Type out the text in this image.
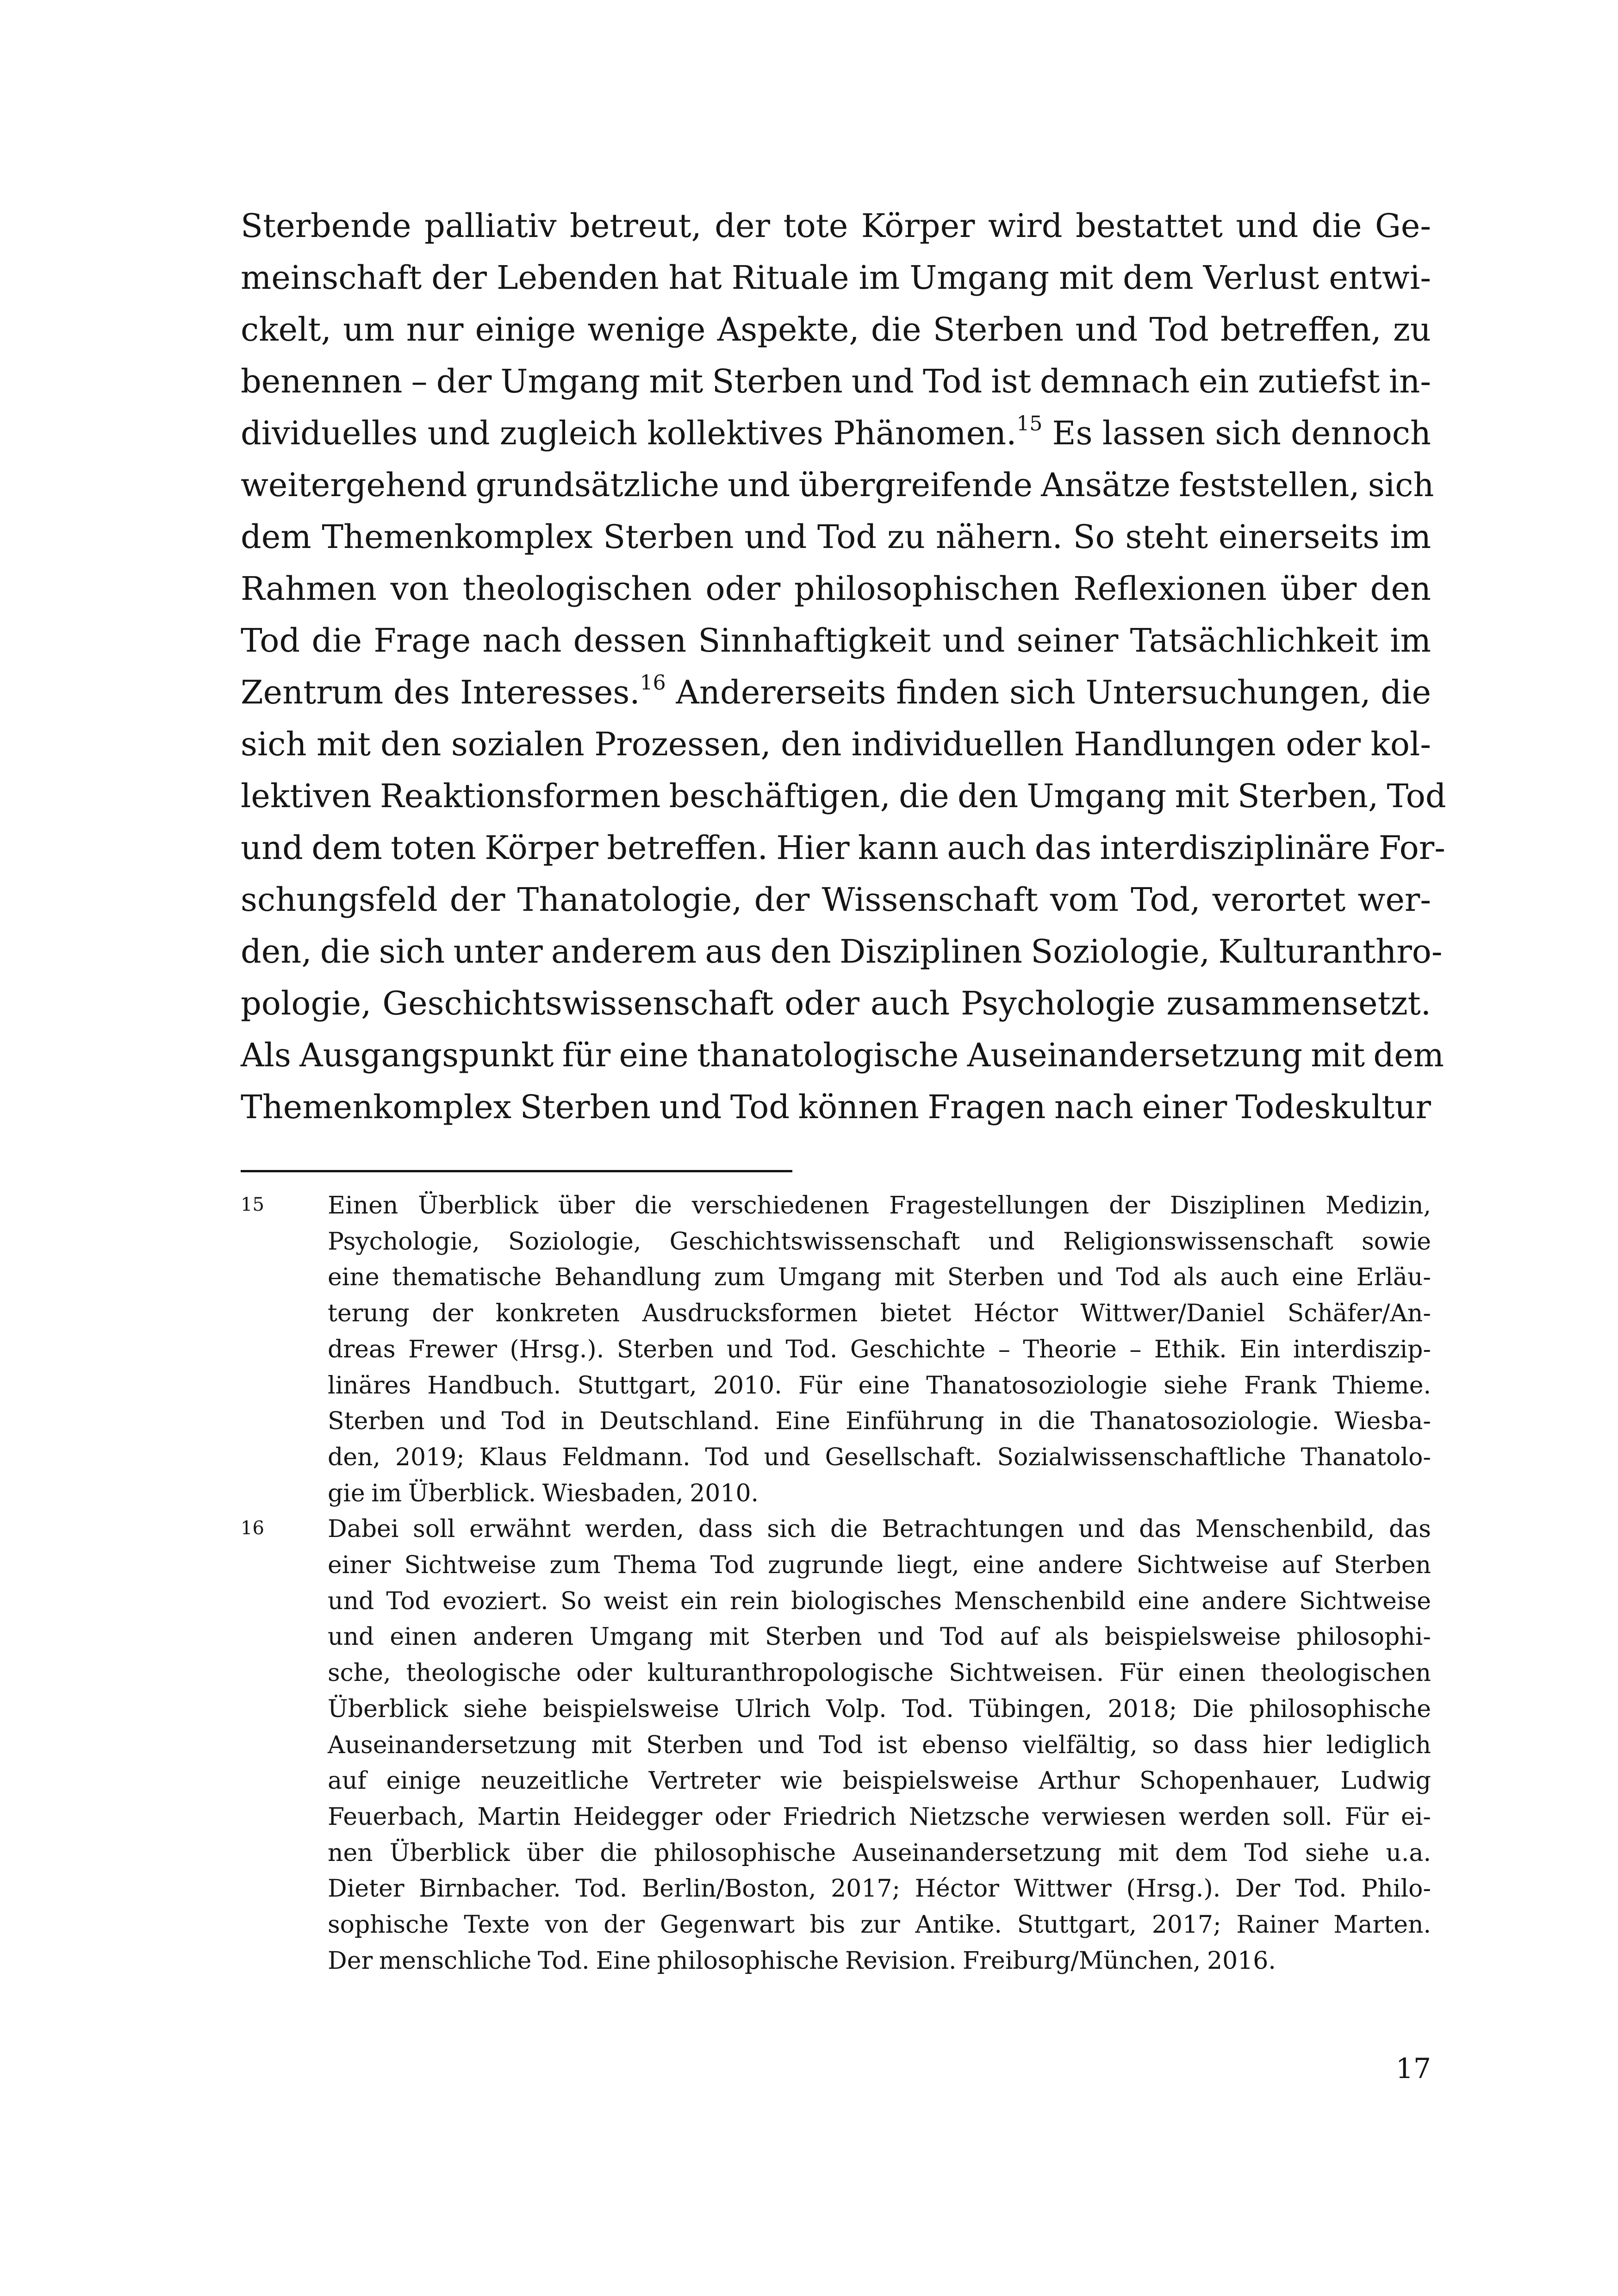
Sterbende palliativ betreut, der tote Körper wird bestattet und die Ge-
meinschaft der Lebenden hat Rituale im Umgang mit dem Verlust entwi-
ckelt, um nur einige wenige Aspekte, die Sterben und Tod betreffen, zu
benennen – der Umgang mit Sterben und Tod ist demnach ein zutiefst in-
dividuelles und zugleich kollektives Phänomen.$^{15}$ Es lassen sich dennoch
weitergehend grundsätzliche und übergreifende Ansätze feststellen, sich
dem Themenkomplex Sterben und Tod zu nähern. So steht einerseits im
Rahmen von theologischen oder philosophischen Reflexionen über den
Tod die Frage nach dessen Sinnhaftigkeit und seiner Tatsächlichkeit im
Zentrum des Interesses.$^{16}$ Andererseits finden sich Untersuchungen, die
sich mit den sozialen Prozessen, den individuellen Handlungen oder kol-
lektiven Reaktionsformen beschäftigen, die den Umgang mit Sterben, Tod
und dem toten Körper betreffen. Hier kann auch das interdisziplinäre For-
schungsfeld der Thanatologie, der Wissenschaft vom Tod, verortet wer-
den, die sich unter anderem aus den Disziplinen Soziologie, Kulturanthro-
pologie, Geschichtswissenschaft oder auch Psychologie zusammensetzt.
Als Ausgangspunkt für eine thanatologische Auseinandersetzung mit dem
Themenkomplex Sterben und Tod können Fragen nach einer Todeskultur
15	Einen Überblick über die verschiedenen Fragestellungen der Disziplinen Medizin,
Psychologie, Soziologie, Geschichtswissenschaft und Religionswissenschaft sowie
eine thematische Behandlung zum Umgang mit Sterben und Tod als auch eine Erläu-
terung der konkreten Ausdrucksformen bietet Héctor Wittwer/Daniel Schäfer/An-
dreas Frewer (Hrsg.). Sterben und Tod. Geschichte – Theorie – Ethik. Ein interdiszip-
linäres Handbuch. Stuttgart, 2010. Für eine Thanatosoziologie siehe Frank Thieme.
Sterben und Tod in Deutschland. Eine Einführung in die Thanatosoziologie. Wiesba-
den, 2019; Klaus Feldmann. Tod und Gesellschaft. Sozialwissenschaftliche Thanatolo-
gie im Überblick. Wiesbaden, 2010.
16	Dabei soll erwähnt werden, dass sich die Betrachtungen und das Menschenbild, das
einer Sichtweise zum Thema Tod zugrunde liegt, eine andere Sichtweise auf Sterben
und Tod evoziert. So weist ein rein biologisches Menschenbild eine andere Sichtweise
und einen anderen Umgang mit Sterben und Tod auf als beispielsweise philosophi-
sche, theologische oder kulturanthropologische Sichtweisen. Für einen theologischen
Überblick siehe beispielsweise Ulrich Volp. Tod. Tübingen, 2018; Die philosophische
Auseinandersetzung mit Sterben und Tod ist ebenso vielfältig, so dass hier lediglich
auf einige neuzeitliche Vertreter wie beispielsweise Arthur Schopenhauer, Ludwig
Feuerbach, Martin Heidegger oder Friedrich Nietzsche verwiesen werden soll. Für ei-
nen Überblick über die philosophische Auseinandersetzung mit dem Tod siehe u.a.
Dieter Birnbacher. Tod. Berlin/Boston, 2017; Héctor Wittwer (Hrsg.). Der Tod. Philo-
sophische Texte von der Gegenwart bis zur Antike. Stuttgart, 2017; Rainer Marten.
Der menschliche Tod. Eine philosophische Revision. Freiburg/München, 2016.
17
